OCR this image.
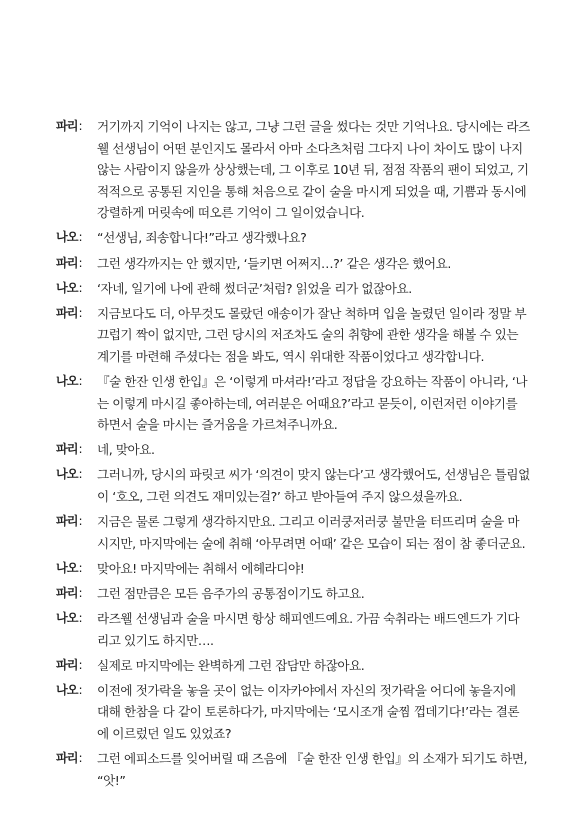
파리:	거기까지 기억이 나지는 않고, 그냥 그런 글을 썼다는 것만 기억나요. 당시에는 라즈웰 선생님이 어떤 분인지도 몰라서 아마 소다츠처럼 그다지 나이 차이도 많이 나지 않는 사람이지 않을까 상상했는데, 그 이후로 10년 뒤, 점점 작품의 팬이 되었고, 기적적으로 공통된 지인을 통해 처음으로 같이 술을 마시게 되었을 때, 기쁨과 동시에 강렬하게 머릿속에 떠오른 기억이 그 일이었습니다.
나오:	“선생님, 죄송합니다!”라고 생각했나요?
파리:	그런 생각까지는 안 했지만, ‘들키면 어쩌지…?’ 같은 생각은 했어요.
나오:	‘자네, 일기에 나에 관해 썼더군’처럼? 읽었을 리가 없잖아요.
파리:	지금보다도 더, 아무것도 몰랐던 애송이가 잘난 척하며 입을 놀렸던 일이라 정말 부끄럽기 짝이 없지만, 그런 당시의 저조차도 술의 취향에 관한 생각을 해볼 수 있는 계기를 마련해 주셨다는 점을 봐도, 역시 위대한 작품이었다고 생각합니다.
나오:	『술 한잔 인생 한입』은 ‘이렇게 마셔라!’라고 정답을 강요하는 작품이 아니라, ‘나는 이렇게 마시길 좋아하는데, 여러분은 어때요?’라고 묻듯이, 이런저런 이야기를 하면서 술을 마시는 즐거움을 가르쳐주니까요.
파리:	네, 맞아요.
나오:	그러니까, 당시의 파릿코 씨가 ‘의견이 맞지 않는다’고 생각했어도, 선생님은 틀림없이 ‘호오, 그런 의견도 재미있는걸?’ 하고 받아들여 주지 않으셨을까요.
파리:	지금은 물론 그렇게 생각하지만요. 그리고 이러쿵저러쿵 불만을 터뜨리며 술을 마시지만, 마지막에는 술에 취해 ‘아무려면 어때’ 같은 모습이 되는 점이 참 좋더군요.
나오:	맞아요! 마지막에는 취해서 에헤라디야!
파리:	그런 점만큼은 모든 음주가의 공통점이기도 하고요.
나오:	라즈웰 선생님과 술을 마시면 항상 해피엔드예요. 가끔 숙취라는 배드엔드가 기다리고 있기도 하지만….
파리:	실제로 마지막에는 완벽하게 그런 잡담만 하잖아요.
나오:	이전에 젓가락을 놓을 곳이 없는 이자카야에서 자신의 젓가락을 어디에 놓을지에 대해 한참을 다 같이 토론하다가, 마지막에는 ‘모시조개 술찜 껍데기다!’라는 결론에 이르렀던 일도 있었죠?
파리:	그런 에피소드를 잊어버릴 때 즈음에 『술 한잔 인생 한입』의 소재가 되기도 하면, “앗!”
